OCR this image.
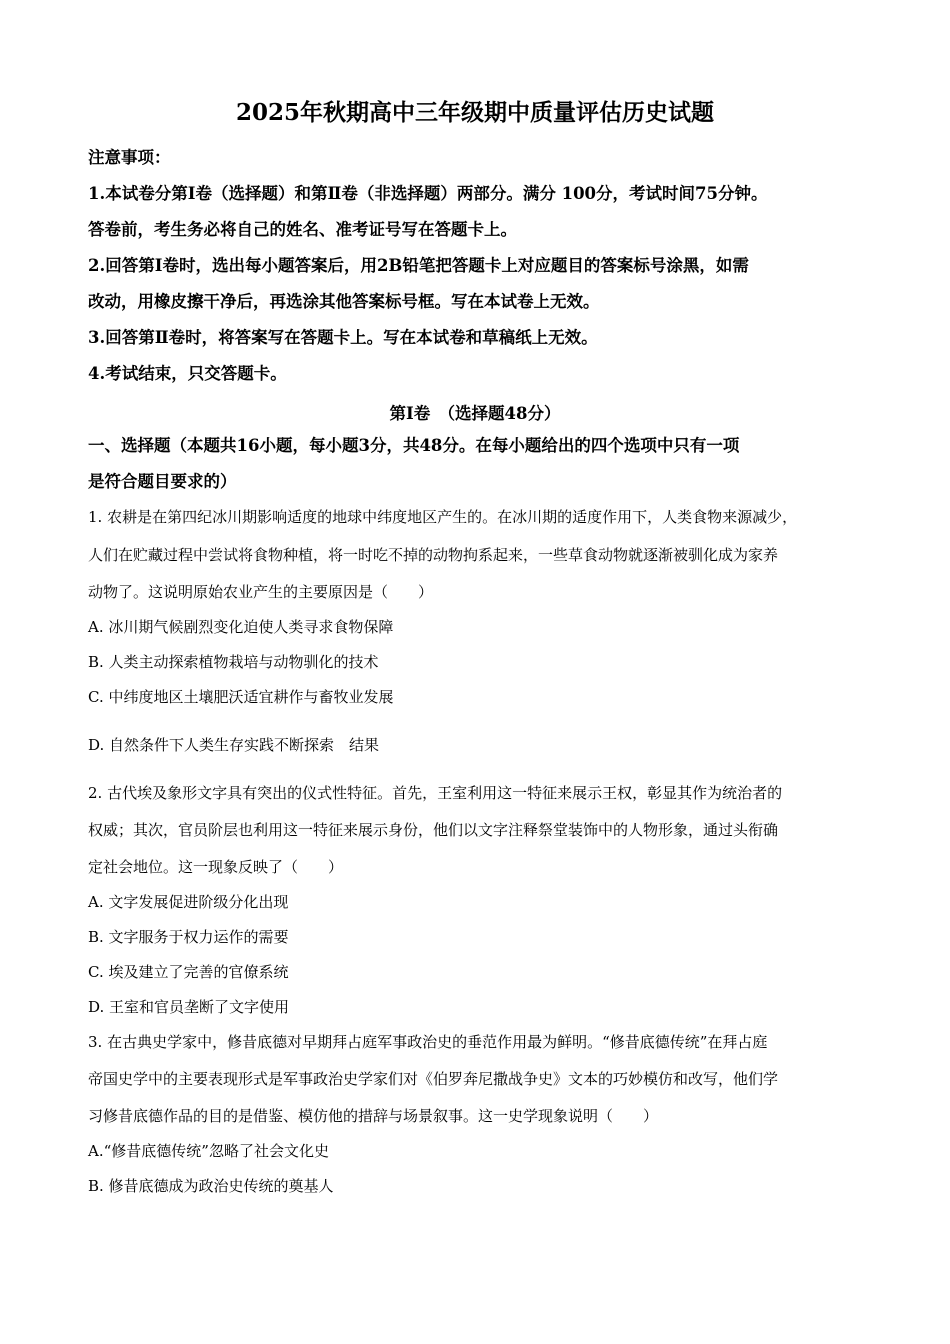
2025年秋期高中三年级期中质量评估历史试题
注意事项：
1.本试卷分第Ⅰ卷（选择题）和第Ⅱ卷（非选择题）两部分。满分 100分，考试时间75分钟。
答卷前，考生务必将自己的姓名、准考证号写在答题卡上。
2.回答第Ⅰ卷时，选出每小题答案后，用2B铅笔把答题卡上对应题目的答案标号涂黑，如需
改动，用橡皮擦干净后，再选涂其他答案标号框。写在本试卷上无效。
3.回答第Ⅱ卷时，将答案写在答题卡上。写在本试卷和草稿纸上无效。
4.考试结束，只交答题卡。
第Ⅰ卷　（选择题48分）
一、选择题（本题共16小题，每小题3分，共48分。在每小题给出的四个选项中只有一项
是符合题目要求的）
1. 农耕是在第四纪冰川期影响适度的地球中纬度地区产生的。在冰川期的适度作用下，人类食物来源减少，
人们在贮藏过程中尝试将食物种植，将一时吃不掉的动物拘系起来，一些草食动物就逐渐被驯化成为家养
动物了。这说明原始农业产生的主要原因是（　　）
A. 冰川期气候剧烈变化迫使人类寻求食物保障
B. 人类主动探索植物栽培与动物驯化的技术
C. 中纬度地区土壤肥沃适宜耕作与畜牧业发展
D. 自然条件下人类生存实践不断探索　结果
2. 古代埃及象形文字具有突出的仪式性特征。首先，王室利用这一特征来展示王权，彰显其作为统治者的
权威；其次，官员阶层也利用这一特征来展示身份，他们以文字注释祭堂装饰中的人物形象，通过头衔确
定社会地位。这一现象反映了（　　）
A. 文字发展促进阶级分化出现
B. 文字服务于权力运作的需要
C. 埃及建立了完善的官僚系统
D. 王室和官员垄断了文字使用
3. 在古典史学家中，修昔底德对早期拜占庭军事政治史的垂范作用最为鲜明。“修昔底德传统”在拜占庭
帝国史学中的主要表现形式是军事政治史学家们对《伯罗奔尼撒战争史》文本的巧妙模仿和改写，他们学
习修昔底德作品的目的是借鉴、模仿他的措辞与场景叙事。这一史学现象说明（　　）
A.“修昔底德传统”忽略了社会文化史
B. 修昔底德成为政治史传统的奠基人
